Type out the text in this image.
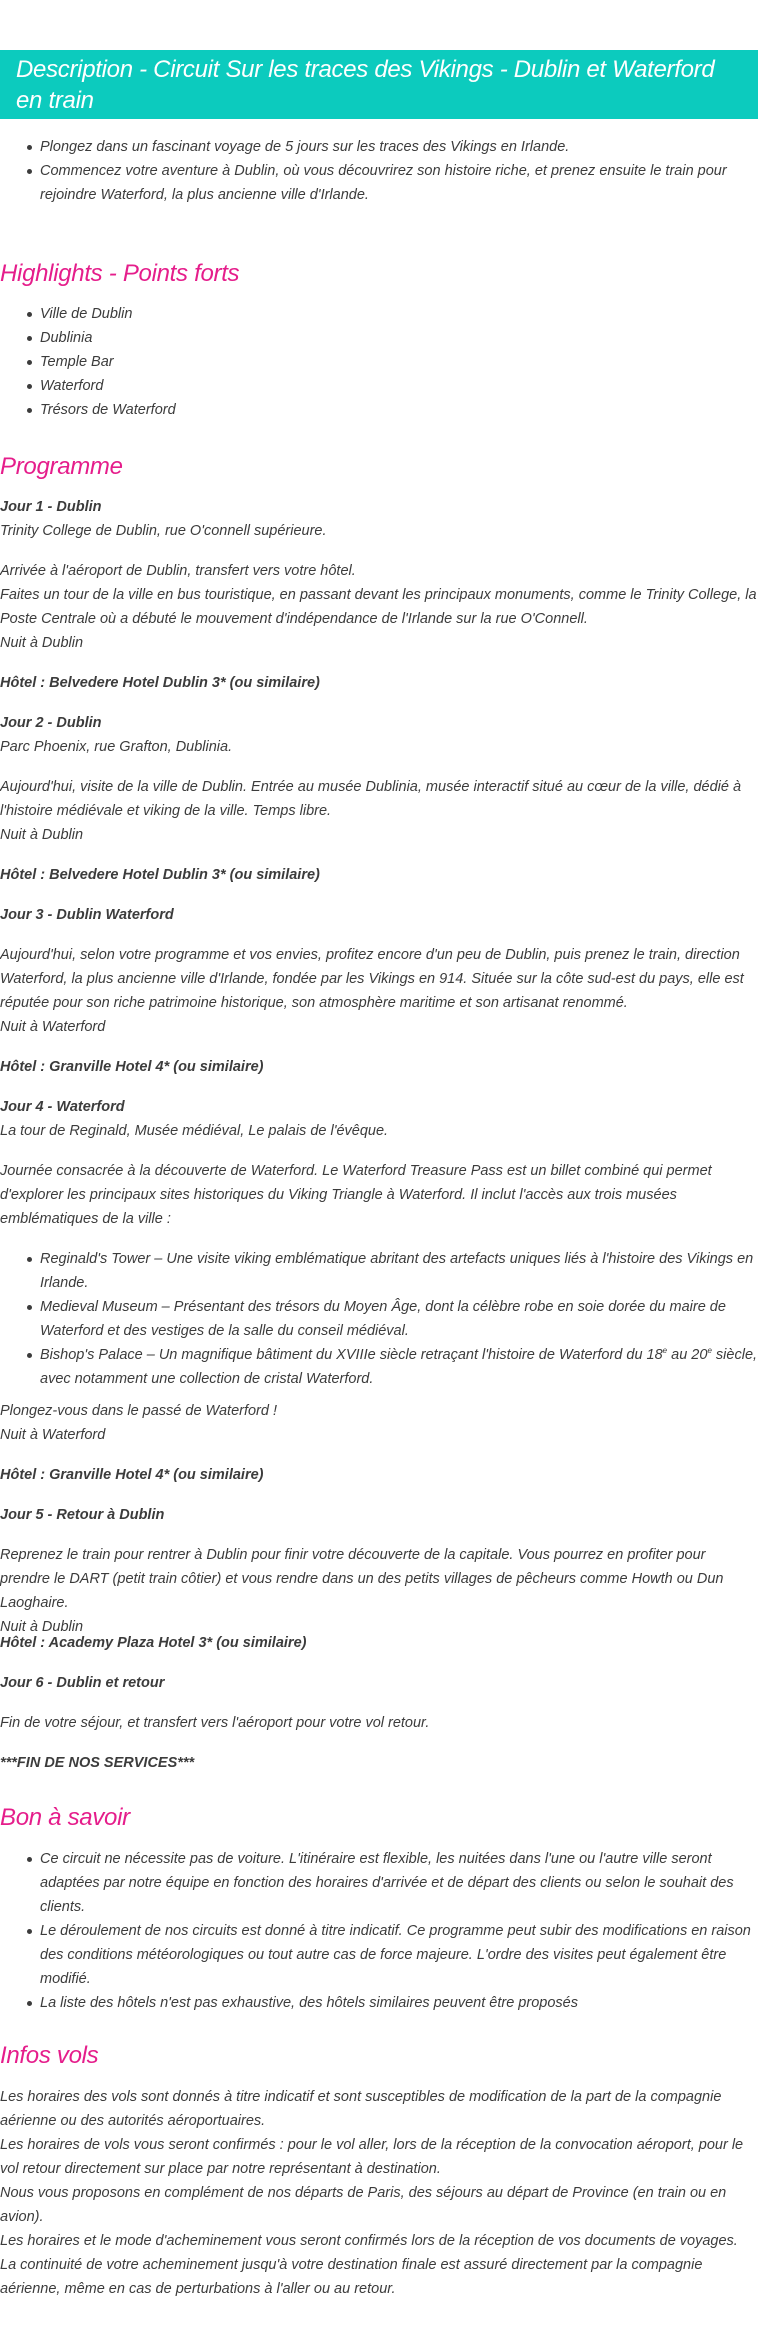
Description - Circuit Sur les traces des Vikings - Dublin et Waterford en train
Plongez dans un fascinant voyage de 5 jours sur les traces des Vikings en Irlande.
Commencez votre aventure à Dublin, où vous découvrirez son histoire riche, et prenez ensuite le train pour rejoindre Waterford, la plus ancienne ville d'Irlande.
Highlights - Points forts
Ville de Dublin
Dublinia
Temple Bar
Waterford
Trésors de Waterford
Programme
Jour 1 - Dublin
Trinity College de Dublin, rue O'connell supérieure.
Arrivée à l'aéroport de Dublin, transfert vers votre hôtel.
Faites un tour de la ville en bus touristique, en passant devant les principaux monuments, comme le Trinity College, la Poste Centrale où a débuté le mouvement d'indépendance de l'Irlande sur la rue O'Connell.
Nuit à Dublin
Hôtel : Belvedere Hotel Dublin 3* (ou similaire)
Jour 2 - Dublin
Parc Phoenix, rue Grafton, Dublinia.
Aujourd'hui, visite de la ville de Dublin. Entrée au musée Dublinia, musée interactif situé au cœur de la ville, dédié à l'histoire médiévale et viking de la ville. Temps libre.
Nuit à Dublin
Hôtel : Belvedere Hotel Dublin 3* (ou similaire)
Jour 3 - Dublin Waterford
Aujourd'hui, selon votre programme et vos envies, profitez encore d'un peu de Dublin, puis prenez le train, direction Waterford, la plus ancienne ville d'Irlande, fondée par les Vikings en 914. Située sur la côte sud-est du pays, elle est réputée pour son riche patrimoine historique, son atmosphère maritime et son artisanat renommé.
Nuit à Waterford
Hôtel : Granville Hotel 4* (ou similaire)
Jour 4 - Waterford
La tour de Reginald, Musée médiéval, Le palais de l'évêque.
Journée consacrée à la découverte de Waterford. Le Waterford Treasure Pass est un billet combiné qui permet d'explorer les principaux sites historiques du Viking Triangle à Waterford. Il inclut l'accès aux trois musées emblématiques de la ville :
Reginald's Tower – Une visite viking emblématique abritant des artefacts uniques liés à l'histoire des Vikings en Irlande.
Medieval Museum – Présentant des trésors du Moyen Âge, dont la célèbre robe en soie dorée du maire de Waterford et des vestiges de la salle du conseil médiéval.
Bishop's Palace – Un magnifique bâtiment du XVIIIe siècle retraçant l'histoire de Waterford du 18e au 20e siècle, avec notamment une collection de cristal Waterford.
Plongez-vous dans le passé de Waterford !
Nuit à Waterford
Hôtel : Granville Hotel 4* (ou similaire)
Jour 5 - Retour à Dublin
Reprenez le train pour rentrer à Dublin pour finir votre découverte de la capitale. Vous pourrez en profiter pour prendre le DART (petit train côtier) et vous rendre dans un des petits villages de pêcheurs comme Howth ou Dun Laoghaire.
Nuit à Dublin
Hôtel : Academy Plaza Hotel 3* (ou similaire)
Jour 6 - Dublin et retour
Fin de votre séjour, et transfert vers l'aéroport pour votre vol retour.
***FIN DE NOS SERVICES***
Bon à savoir
Ce circuit ne nécessite pas de voiture. L'itinéraire est flexible, les nuitées dans l'une ou l'autre ville seront adaptées par notre équipe en fonction des horaires d'arrivée et de départ des clients ou selon le souhait des clients.
Le déroulement de nos circuits est donné à titre indicatif. Ce programme peut subir des modifications en raison des conditions météorologiques ou tout autre cas de force majeure. L'ordre des visites peut également être modifié.
La liste des hôtels n'est pas exhaustive, des hôtels similaires peuvent être proposés
Infos vols
Les horaires des vols sont donnés à titre indicatif et sont susceptibles de modification de la part de la compagnie aérienne ou des autorités aéroportuaires.
Les horaires de vols vous seront confirmés : pour le vol aller, lors de la réception de la convocation aéroport, pour le vol retour directement sur place par notre représentant à destination.
Nous vous proposons en complément de nos départs de Paris, des séjours au départ de Province (en train ou en avion).
Les horaires et le mode d'acheminement vous seront confirmés lors de la réception de vos documents de voyages.
La continuité de votre acheminement jusqu'à votre destination finale est assuré directement par la compagnie aérienne, même en cas de perturbations à l'aller ou au retour.
